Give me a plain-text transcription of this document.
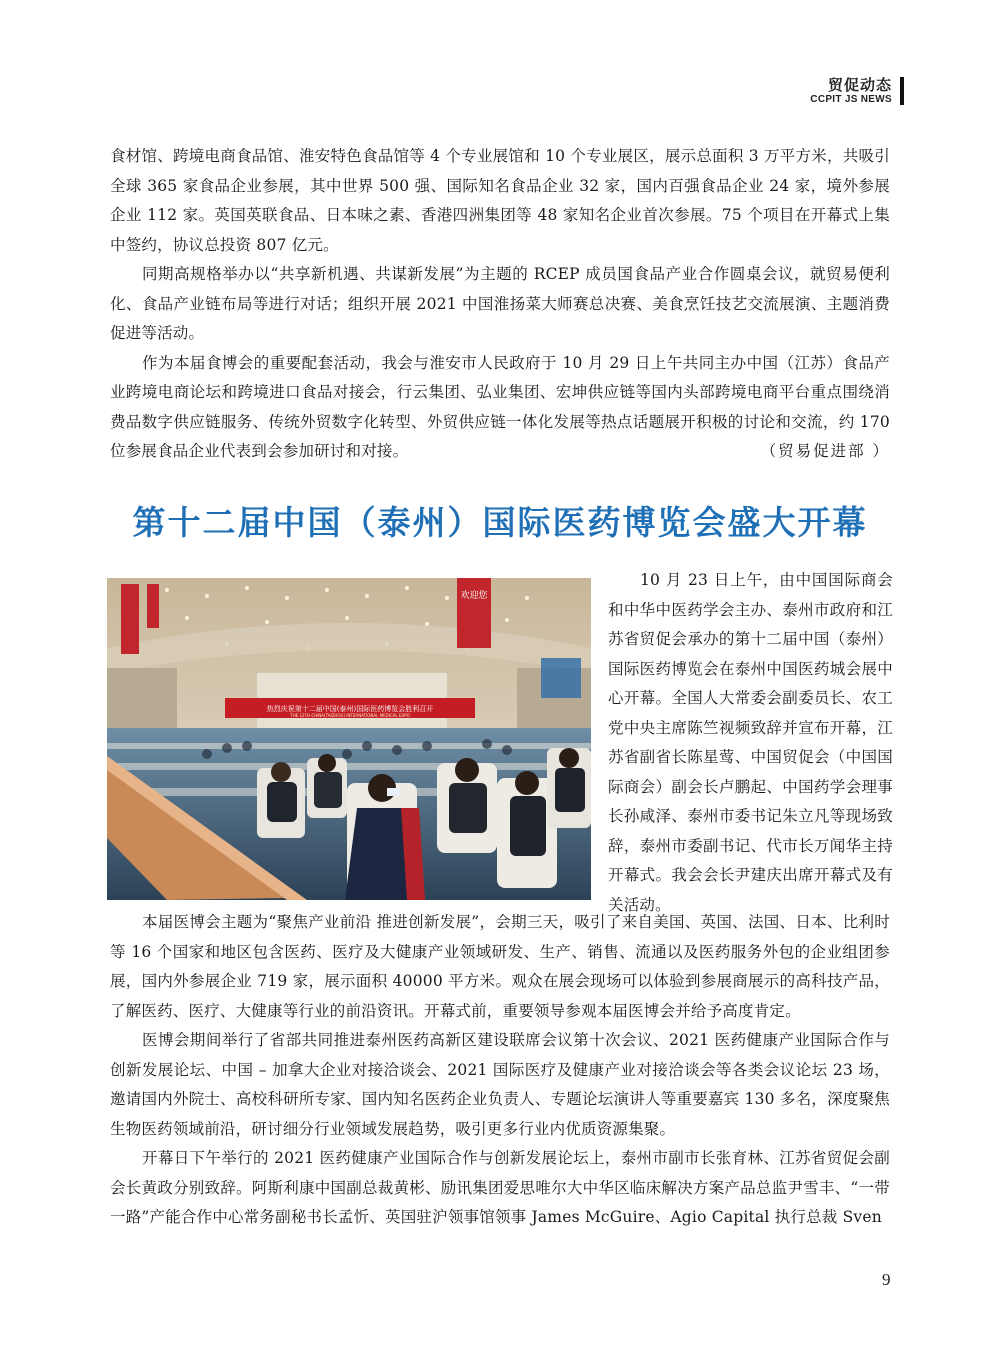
贸促动态
CCPIT JS NEWS

食材馆、跨境电商食品馆、淮安特色食品馆等 4 个专业展馆和 10 个专业展区，展示总面积 3 万平方米，共吸引全球 365 家食品企业参展，其中世界 500 强、国际知名食品企业 32 家，国内百强食品企业 24 家，境外参展企业 112 家。英国英联食品、日本味之素、香港四洲集团等 48 家知名企业首次参展。75 个项目在开幕式上集中签约，协议总投资 807 亿元。

同期高规格举办以“共享新机遇、共谋新发展”为主题的 RCEP 成员国食品产业合作圆桌会议，就贸易便利化、食品产业链布局等进行对话；组织开展 2021 中国淮扬菜大师赛总决赛、美食烹饪技艺交流展演、主题消费促进等活动。

作为本届食博会的重要配套活动，我会与淮安市人民政府于 10 月 29 日上午共同主办中国（江苏）食品产业跨境电商论坛和跨境进口食品对接会，行云集团、弘业集团、宏坤供应链等国内头部跨境电商平台重点围绕消费品数字供应链服务、传统外贸数字化转型、外贸供应链一体化发展等热点话题展开积极的讨论和交流，约 170 位参展食品企业代表到会参加研讨和对接。	（贸易促进部 ）

第十二届中国（泰州）国际医药博览会盛大开幕
欢迎您
热烈庆祝第十二届中国(泰州)国际医药博览会胜利召开
THE 12TH CHINA(TAIZHOU) INTERNATIONAL MEDICAL EXPO

10 月 23 日上午，由中国国际商会和中华中医药学会主办、泰州市政府和江苏省贸促会承办的第十二届中国（泰州）国际医药博览会在泰州中国医药城会展中心开幕。全国人大常委会副委员长、农工党中央主席陈竺视频致辞并宣布开幕，江苏省副省长陈星莺、中国贸促会（中国国际商会）副会长卢鹏起、中国药学会理事长孙咸泽、泰州市委书记朱立凡等现场致辞，泰州市委副书记、代市长万闻华主持开幕式。我会会长尹建庆出席开幕式及有关活动。

本届医博会主题为“聚焦产业前沿 推进创新发展”，会期三天，吸引了来自美国、英国、法国、日本、比利时等 16 个国家和地区包含医药、医疗及大健康产业领域研发、生产、销售、流通以及医药服务外包的企业组团参展，国内外参展企业 719 家，展示面积 40000 平方米。观众在展会现场可以体验到参展商展示的高科技产品，了解医药、医疗、大健康等行业的前沿资讯。开幕式前，重要领导参观本届医博会并给予高度肯定。

医博会期间举行了省部共同推进泰州医药高新区建设联席会议第十次会议、2021 医药健康产业国际合作与创新发展论坛、中国 – 加拿大企业对接洽谈会、2021 国际医疗及健康产业对接洽谈会等各类会议论坛 23 场，邀请国内外院士、高校科研所专家、国内知名医药企业负责人、专题论坛演讲人等重要嘉宾 130 多名，深度聚焦生物医药领域前沿，研讨细分行业领域发展趋势，吸引更多行业内优质资源集聚。

开幕日下午举行的 2021 医药健康产业国际合作与创新发展论坛上，泰州市副市长张育林、江苏省贸促会副会长黄政分别致辞。阿斯利康中国副总裁黄彬、励讯集团爱思唯尔大中华区临床解决方案产品总监尹雪丰、“一带一路”产能合作中心常务副秘书长孟忻、英国驻沪领事馆领事 James McGuire、Agio Capital 执行总裁 Sven

9
